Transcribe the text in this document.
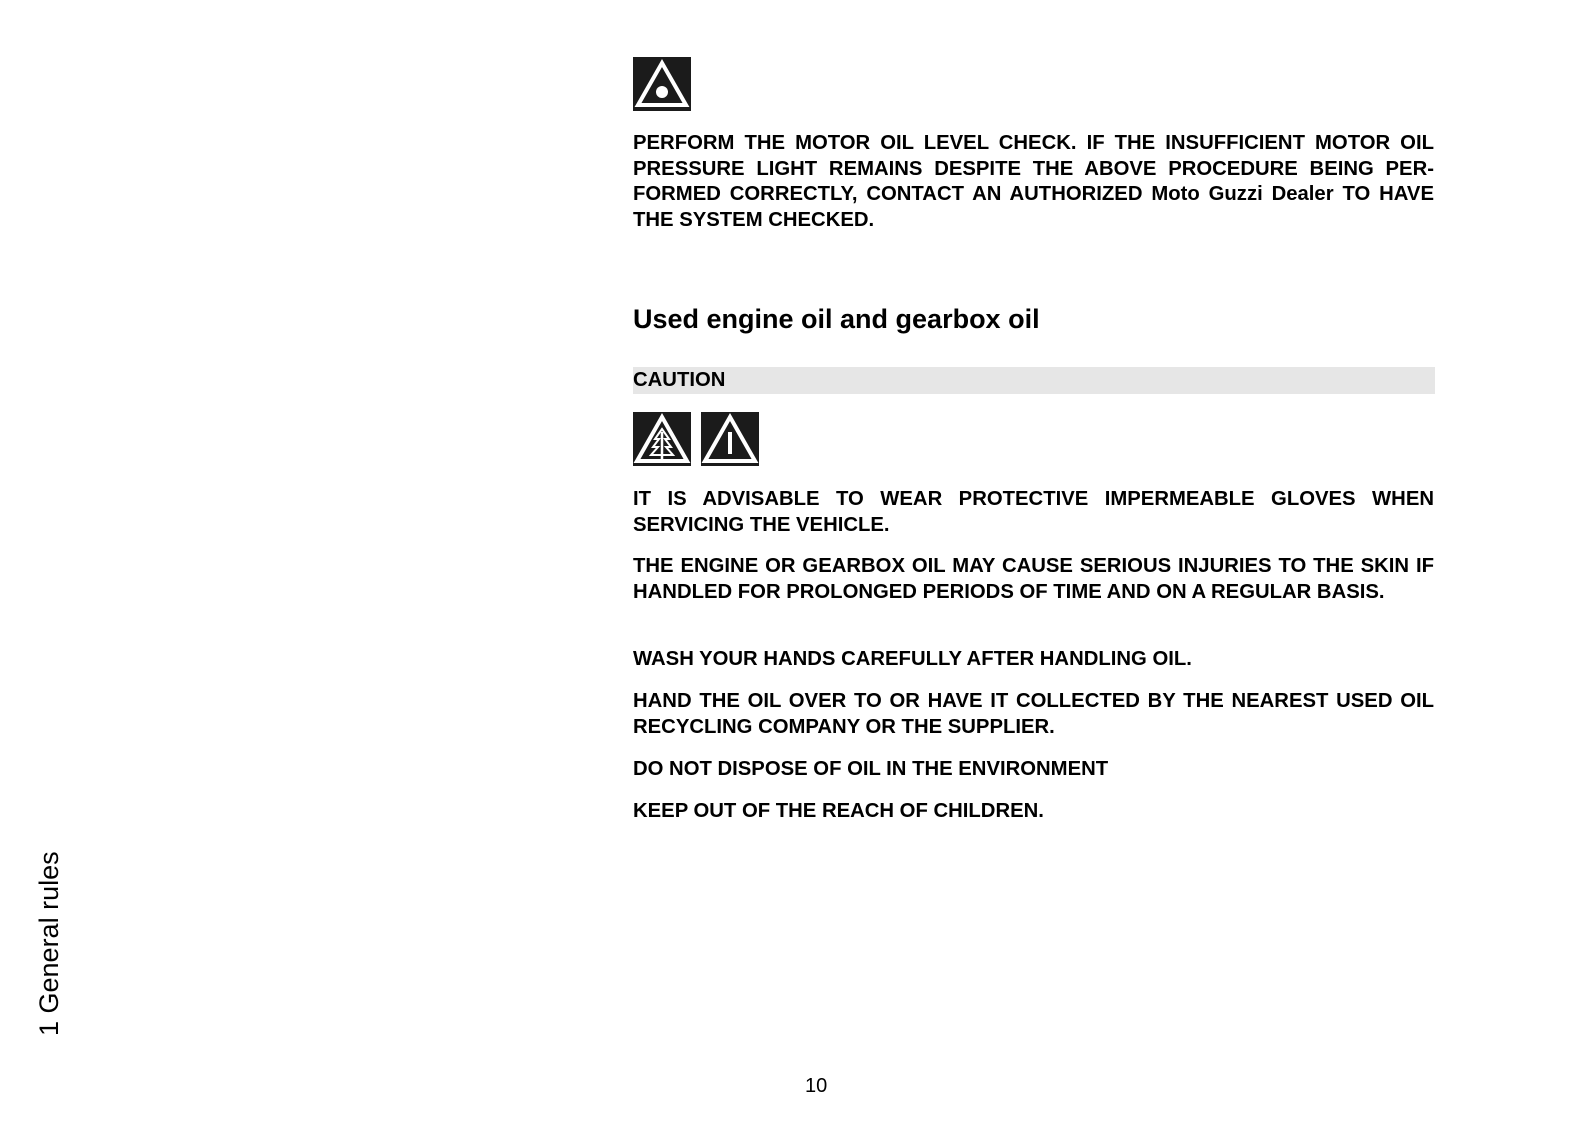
1 General rules

PERFORM THE MOTOR OIL LEVEL CHECK. IF THE INSUFFICIENT MOTOR OIL PRESSURE LIGHT REMAINS DESPITE THE ABOVE PROCEDURE BEING PERFORMED CORRECTLY, CONTACT AN AUTHORIZED Moto Guzzi Dealer TO HAVE THE SYSTEM CHECKED.

Used engine oil and gearbox oil
CAUTION

IT IS ADVISABLE TO WEAR PROTECTIVE IMPERMEABLE GLOVES WHEN SERVICING THE VEHICLE.

THE ENGINE OR GEARBOX OIL MAY CAUSE SERIOUS INJURIES TO THE SKIN IF HANDLED FOR PROLONGED PERIODS OF TIME AND ON A REGULAR BASIS.

WASH YOUR HANDS CAREFULLY AFTER HANDLING OIL.

HAND THE OIL OVER TO OR HAVE IT COLLECTED BY THE NEAREST USED OIL RECYCLING COMPANY OR THE SUPPLIER.

DO NOT DISPOSE OF OIL IN THE ENVIRONMENT

KEEP OUT OF THE REACH OF CHILDREN.

10
